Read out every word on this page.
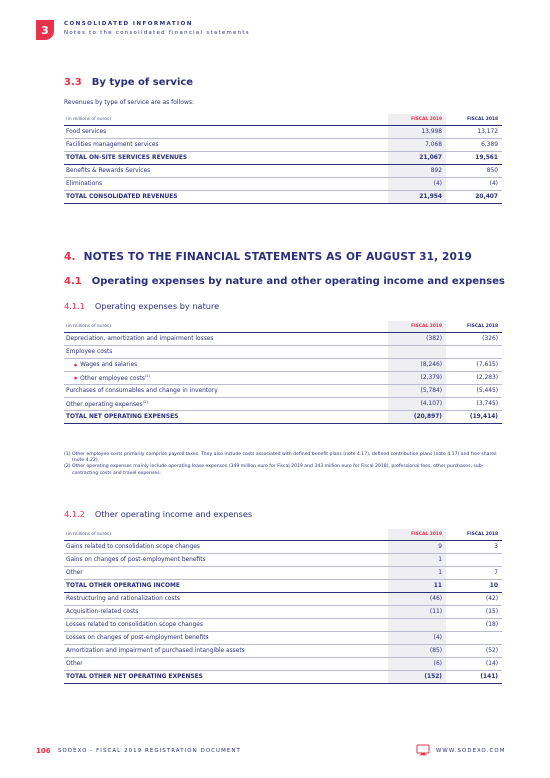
3	CONSOLIDATED INFORMATION
Notes to the consolidated financial statements
3.3 By type of service
Revenues by type of service are as follows:
(in millions of euros)	FISCAL 2019	FISCAL 2018
Food services	13,998	13,172
Facilities management services	7,068	6,389
TOTAL ON-SITE SERVICES REVENUES	21,067	19,561
Benefits & Rewards Services	892	850
Eliminations	(4)	(4)
TOTAL CONSOLIDATED REVENUES	21,954	20,407
4. NOTES TO THE FINANCIAL STATEMENTS AS OF AUGUST 31, 2019
4.1 Operating expenses by nature and other operating income and expenses
4.1.1 Operating expenses by nature
(in millions of euros)	FISCAL 2019	FISCAL 2018
Depreciation, amortization and impairment losses	(382)	(326)
Employee costs		
● Wages and salaries	(8,246)	(7,615)
● Other employee costs$^{(1)}$	(2,379)	(2,283)
Purchases of consumables and change in inventory	(5,784)	(5,445)
Other operating expenses$^{(2)}$	(4,107)	(3,745)
TOTAL NET OPERATING EXPENSES	(20,897)	(19,414)

(1) Other employee costs primarily comprise payroll taxes. They also include costs associated with defined benefit plans (note 4.17), defined contribution plans (note 4.17) and free shares (note 4.22).

(2) Other operating expenses mainly include operating lease expenses (349 million euro for Fiscal 2019 and 343 million euro for Fiscal 2018), professional fees, other purchases, sub-contracting costs and travel expenses.

4.1.2 Other operating income and expenses
(in millions of euros)	FISCAL 2019	FISCAL 2018
Gains related to consolidation scope changes	9	3
Gains on changes of post-employment benefits	1	
Other	1	7
TOTAL OTHER OPERATING INCOME	11	10
Restructuring and rationalization costs	(46)	(42)
Acquisition-related costs	(11)	(15)
Losses related to consolidation scope changes		(18)
Losses on changes of post-employment benefits	(4)	
Amortization and impairment of purchased intangible assets	(85)	(52)
Other	(6)	(14)
TOTAL OTHER NET OPERATING EXPENSES	(152)	(141)
106 SODEXO - FISCAL 2019 REGISTRATION DOCUMENT	WWW.SODEXO.COM
